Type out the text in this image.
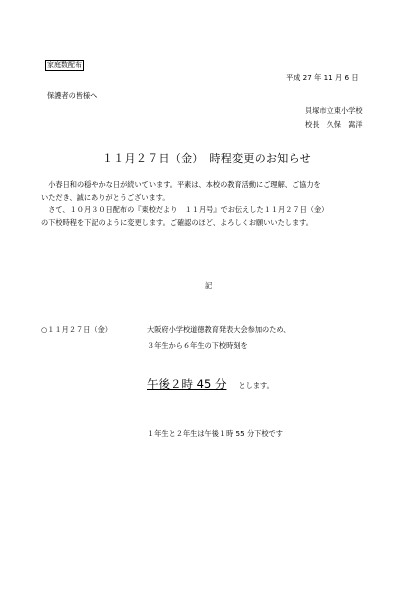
家庭数配布
平成 27 年 11 月 6 日
保護者の皆様へ
貝塚市立東小学校
校長　久保　嵩洋
１１月２７日（金）　時程変更のお知らせ

　小春日和の穏やかな日が続いています。平素は、本校の教育活動にご理解、ご協力を

いただき、誠にありがとうございます。

　さて、１０月３０日配布の『東校だより　１１月号』でお伝えした１１月２７日（金）

の下校時程を下記のように変更します。ご確認のほど、よろしくお願いいたします。

記
○１１月２７日（金）	大阪府小学校道徳教育発表大会参加のため、
３年生から６年生の下校時刻を
午後２時 45 分 とします。
１年生と２年生は午後１時 55 分下校です
